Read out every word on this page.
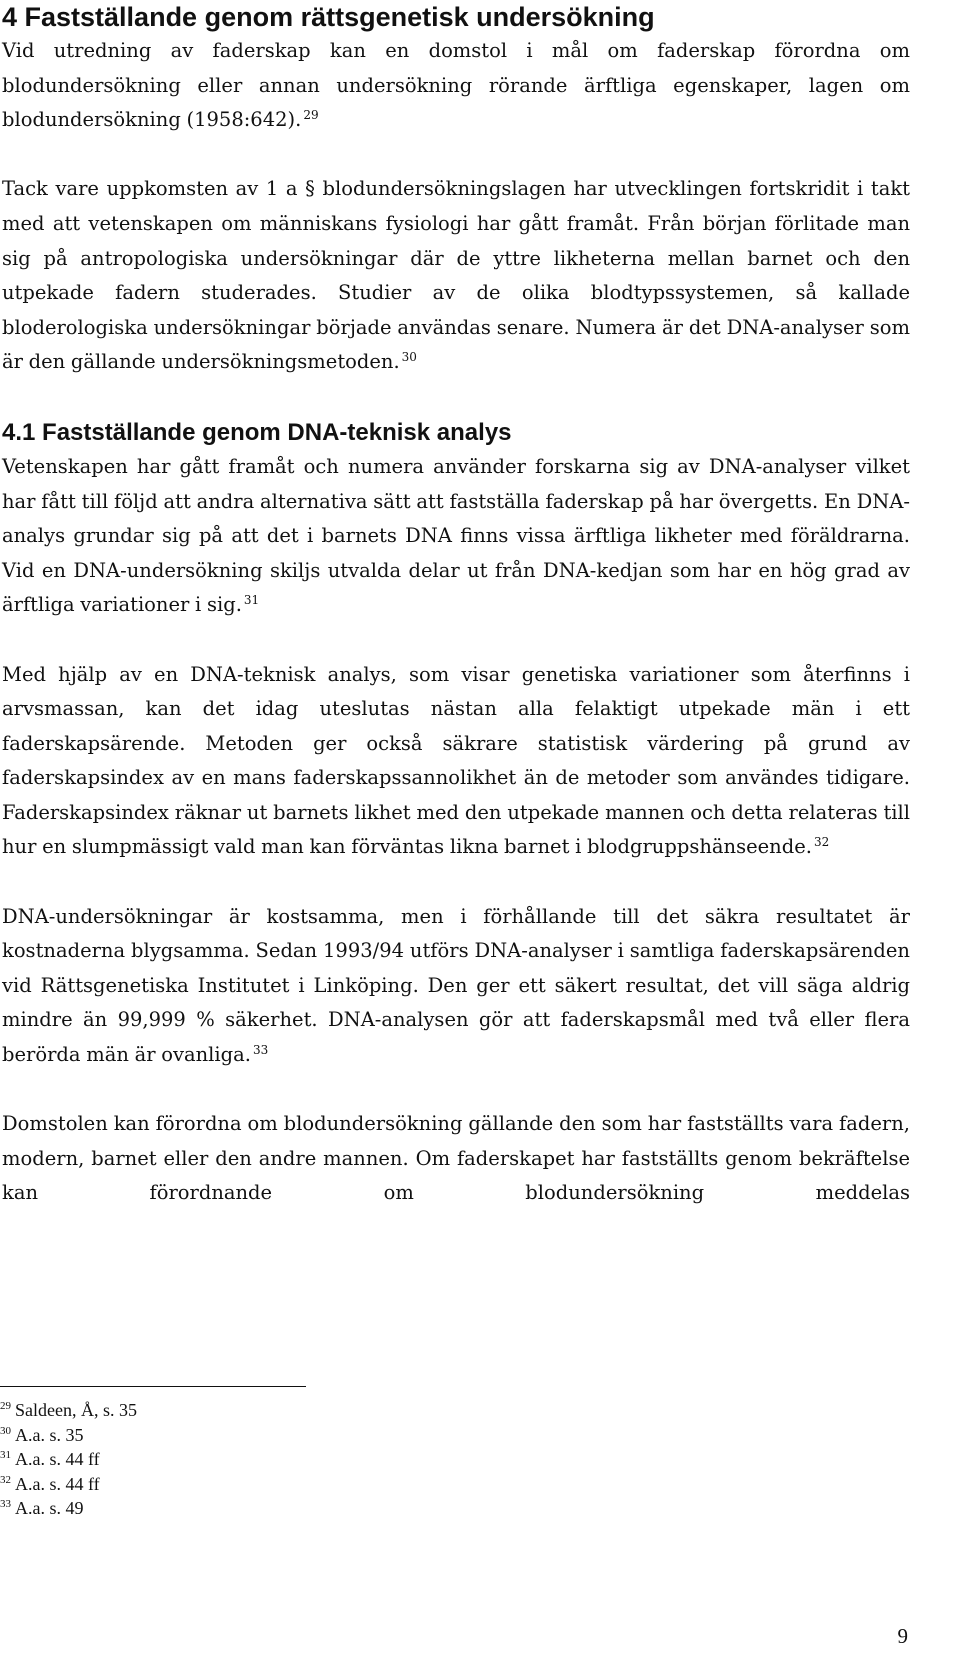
4 Fastställande genom rättsgenetisk undersökning

Vid utredning av faderskap kan en domstol i mål om faderskap förordna om blodundersökning eller annan undersökning rörande ärftliga egenskaper, lagen om blodundersökning (1958:642). $^{29}$

Tack vare uppkomsten av 1 a § blodundersökningslagen har utvecklingen fortskridit i takt med att vetenskapen om människans fysiologi har gått framåt. Från början förlitade man sig på antropologiska undersökningar där de yttre likheterna mellan barnet och den utpekade fadern studerades. Studier av de olika blodtypssystemen, så kallade bloderologiska undersökningar började användas senare. Numera är det DNA-analyser som är den gällande undersökningsmetoden. $^{30}$

4.1 Fastställande genom DNA-teknisk analys

Vetenskapen har gått framåt och numera använder forskarna sig av DNA-analyser vilket har fått till följd att andra alternativa sätt att fastställa faderskap på har övergetts. En DNA-analys grundar sig på att det i barnets DNA finns vissa ärftliga likheter med föräldrarna. Vid en DNA-undersökning skiljs utvalda delar ut från DNA-kedjan som har en hög grad av ärftliga variationer i sig. $^{31}$

Med hjälp av en DNA-teknisk analys, som visar genetiska variationer som återfinns i arvsmassan, kan det idag uteslutas nästan alla felaktigt utpekade män i ett faderskapsärende. Metoden ger också säkrare statistisk värdering på grund av faderskapsindex av en mans faderskapssannolikhet än de metoder som användes tidigare. Faderskapsindex räknar ut barnets likhet med den utpekade mannen och detta relateras till hur en slumpmässigt vald man kan förväntas likna barnet i blodgruppshänseende. $^{32}$

DNA-undersökningar är kostsamma, men i förhållande till det säkra resultatet är kostnaderna blygsamma. Sedan 1993/94 utförs DNA-analyser i samtliga faderskapsärenden vid Rättsgenetiska Institutet i Linköping. Den ger ett säkert resultat, det vill säga aldrig mindre än 99,999 % säkerhet. DNA-analysen gör att faderskapsmål med två eller flera berörda män är ovanliga. $^{33}$

Domstolen kan förordna om blodundersökning gällande den som har fastställts vara fadern, modern, barnet eller den andre mannen. Om faderskapet har fastställts genom bekräftelse kan förordnande om blodundersökning meddelas

$^{29}$ Saldeen, Å, s. 35
$^{30}$ A.a. s. 35
$^{31}$ A.a. s. 44 ff
$^{32}$ A.a. s. 44 ff
$^{33}$ A.a. s. 49
9
